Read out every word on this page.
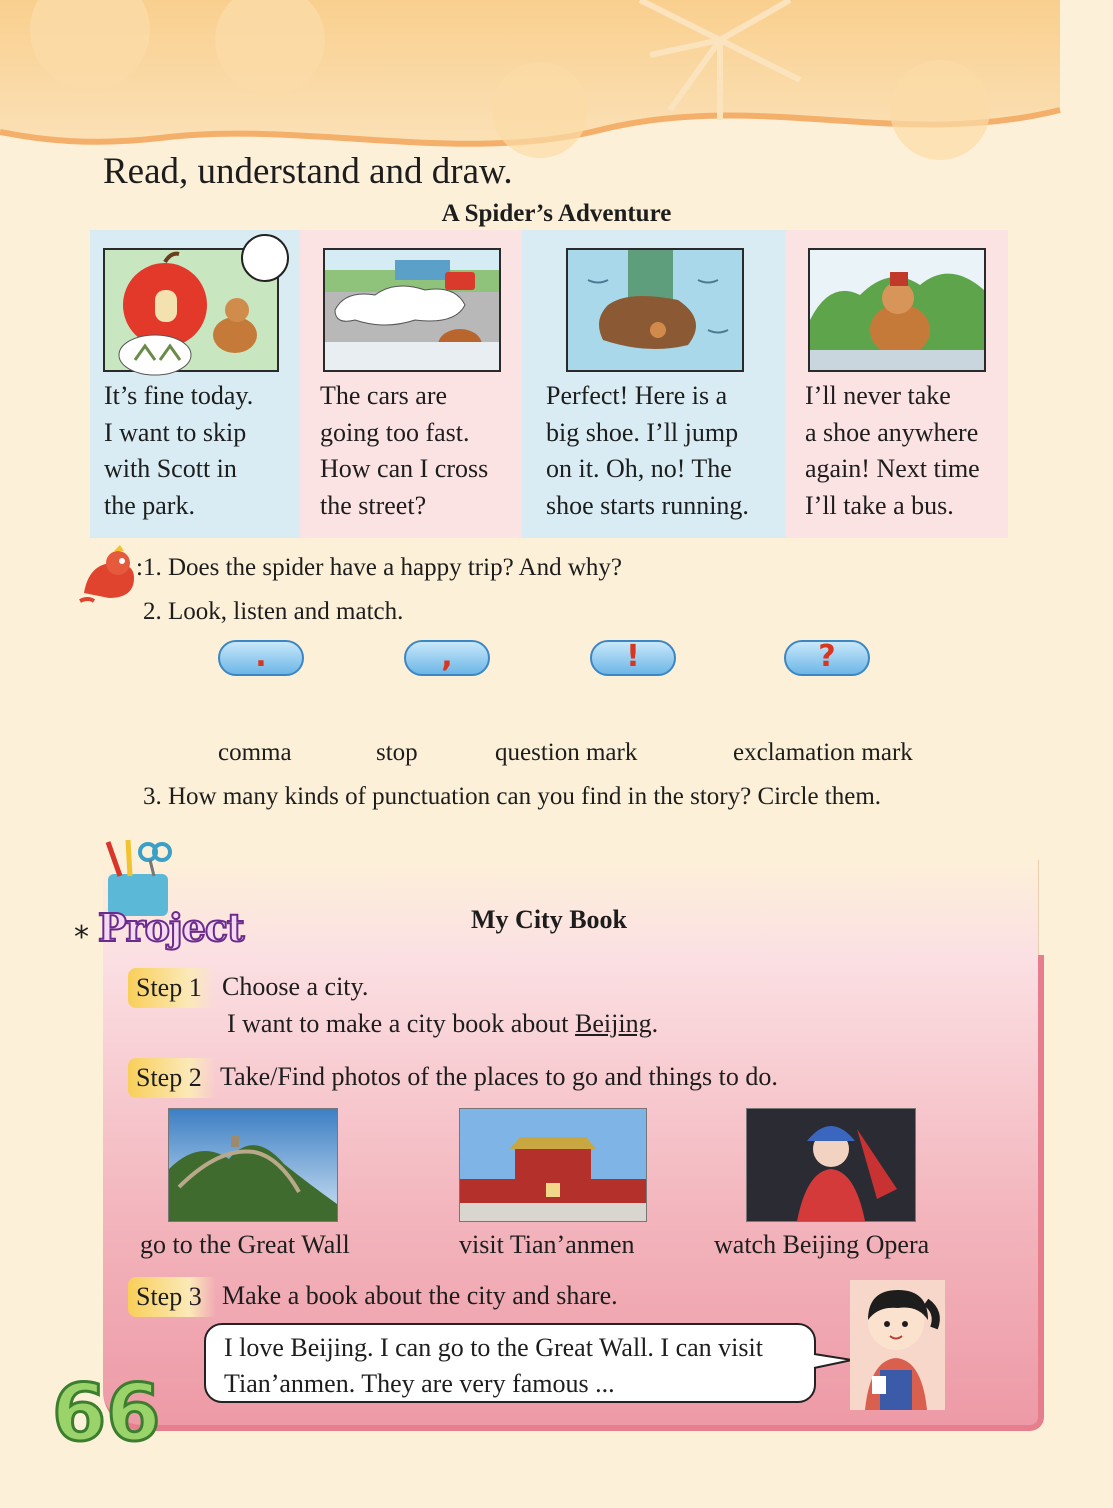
Read, understand and draw.
A Spider’s Adventure
It’s fine today.
I want to skip
with Scott in
the park.
The cars are
going too fast.
How can I cross
the street?
Perfect! Here is a
big shoe. I’ll jump
on it. Oh, no! The
shoe starts running.
I’ll never take
a shoe anywhere
again! Next time
I’ll take a bus.
:1. Does the spider have a happy trip? And why?
2. Look, listen and match.
.	,	!	?
comma	stop	question mark	exclamation mark
3. How many kinds of punctuation can you find in the story? Circle them.
* Project	My City Book
Step 1 Choose a city.
I want to make a city book about Beijing.
Step 2 Take/Find photos of the places to go and things to do.
go to the Great Wall	visit Tian’anmen	watch Beijing Opera
Step 3 Make a book about the city and share.
I love Beijing. I can go to the Great Wall. I can visit
Tian’anmen. They are very famous ...
66
